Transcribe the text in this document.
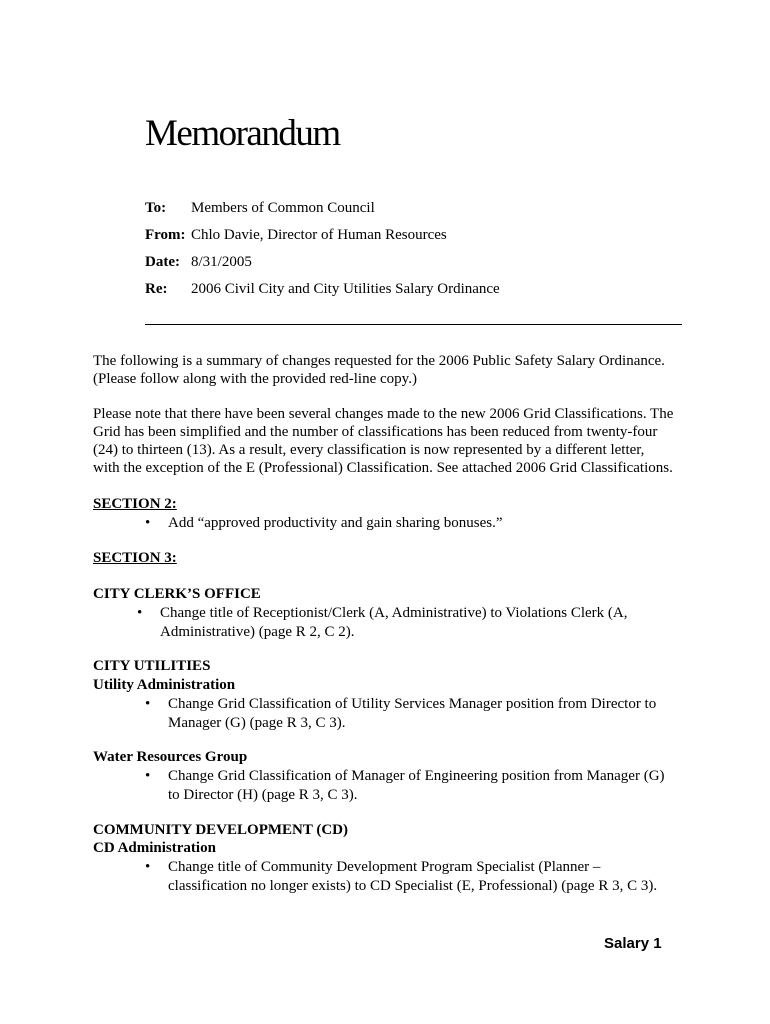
Memorandum
To: Members of Common Council
From: Chlo Davie, Director of Human Resources
Date: 8/31/2005
Re: 2006 Civil City and City Utilities Salary Ordinance
The following is a summary of changes requested for the 2006 Public Safety Salary Ordinance.
(Please follow along with the provided red-line copy.)
Please note that there have been several changes made to the new 2006 Grid Classifications. The
Grid has been simplified and the number of classifications has been reduced from twenty-four
(24) to thirteen (13). As a result, every classification is now represented by a different letter,
with the exception of the E (Professional) Classification. See attached 2006 Grid Classifications.
SECTION 2:
• Add “approved productivity and gain sharing bonuses.”
SECTION 3:
CITY CLERK’S OFFICE
• Change title of Receptionist/Clerk (A, Administrative) to Violations Clerk (A,
Administrative) (page R 2, C 2).
CITY UTILITIES
Utility Administration
• Change Grid Classification of Utility Services Manager position from Director to
Manager (G) (page R 3, C 3).
Water Resources Group
• Change Grid Classification of Manager of Engineering position from Manager (G)
to Director (H) (page R 3, C 3).
COMMUNITY DEVELOPMENT (CD)
CD Administration
• Change title of Community Development Program Specialist (Planner –
classification no longer exists) to CD Specialist (E, Professional) (page R 3, C 3).
Salary 1
